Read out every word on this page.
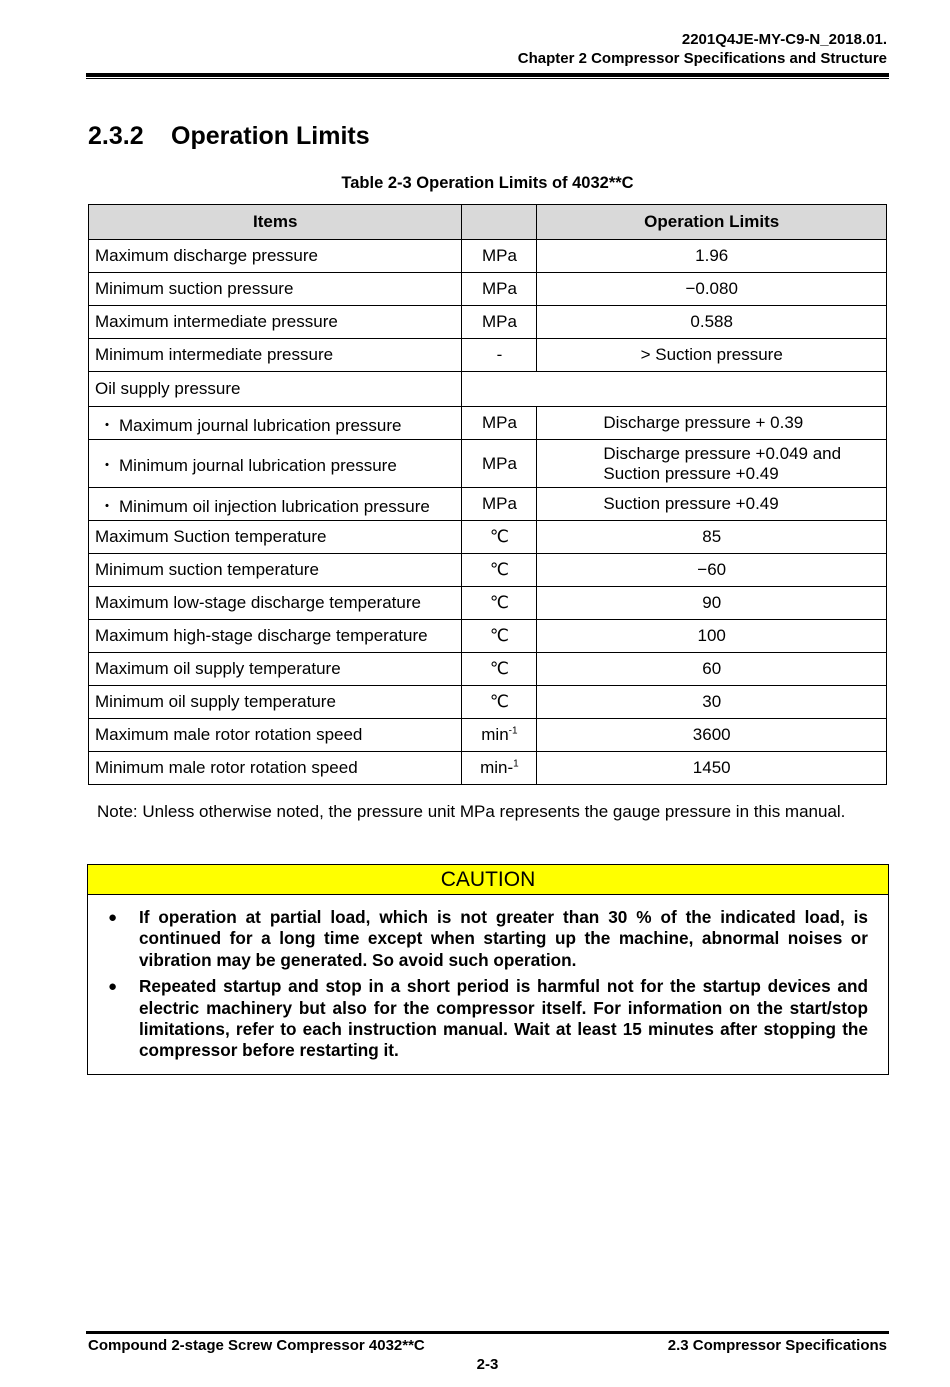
2201Q4JE-MY-C9-N_2018.01.
Chapter 2 Compressor Specifications and Structure
2.3.2 Operation Limits
Table 2-3 Operation Limits of 4032**C
Items		Operation Limits
Maximum discharge pressure	MPa	1.96
Minimum suction pressure	MPa	−0.080
Maximum intermediate pressure	MPa	0.588
Minimum intermediate pressure	-	> Suction pressure
Oil supply pressure		
・ Maximum journal lubrication pressure	MPa	Discharge pressure + 0.39
・ Minimum journal lubrication pressure	MPa	Discharge pressure +0.049 and
Suction pressure +0.49

・ Minimum oil injection lubrication pressure	MPa	Suction pressure +0.49
Maximum Suction temperature	℃	85
Minimum suction temperature	℃	−60
Maximum low-stage discharge temperature	℃	90
Maximum high-stage discharge temperature	℃	100
Maximum oil supply temperature	℃	60
Minimum oil supply temperature	℃	30
Maximum male rotor rotation speed	$\min^{-1}$	3600
Minimum male rotor rotation speed	min-$^1$	1450
Note: Unless otherwise noted, the pressure unit MPa represents the gauge pressure in this manual.
CAUTION
● If operation at partial load, which is not greater than 30 % of the indicated load, is continued for a long time except when starting up the machine, abnormal noises or vibration may be generated. So avoid such operation.
● Repeated startup and stop in a short period is harmful not for the startup devices and electric machinery but also for the compressor itself. For information on the start/stop limitations, refer to each instruction manual. Wait at least 15 minutes after stopping the compressor before restarting it.
Compound 2-stage Screw Compressor 4032**C	2.3 Compressor Specifications
2-3
